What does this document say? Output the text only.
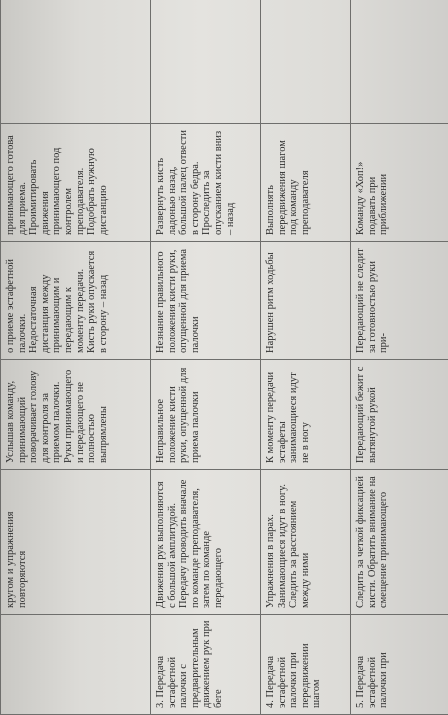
	кругом и упражнения повторяются	Услышав команду, принимающий поворачивает голову для контроля за приемом палочки. Руки принимающего и передающего не полностью выпрямлены	о приеме эстафетной палочки. Недостаточная дистанция между принимающим и передающим к моменту передачи. Кисть руки опускается в сторону – назад	принимающего готова для приема. Проимитировать движения принимающего под контролем преподавателя. Подобрать нужную дистанцию	

3. Передача эстафетной палочки с предварительным движением рук при беге	Движения рук выполняются с большой амплитудой. Передачу проводить вначале по команде преподавателя, затем по команде передающего	Неправильное положение кисти руки, опущенной для приема палочки	Незнание правильного положения кисти руки, опущенной для приема палочки	Развернуть кисть ладонью назад, большой палец отвести в сторону бедра. Проследить за опусканием кисти вниз – назад	

4. Передача эстафетной палочки при передвижении шагом	Упражнения в парах. Занимающиеся идут в ногу. Следить за расстоянием между ними	К моменту передачи эстафеты занимающиеся идут не в ногу	Нарушен ритм ходьбы	Выполнять передвижения шагом под команду преподавателя	

5. Передача эстафетной палочки при	Следить за четкой фиксацией кисти. Обратить внимание на смещение принимающего	Передающий бежит с вытянутой рукой	Передающий не следит за готовностью руки при-	Команду «Хоп!» подавать при приближении	
